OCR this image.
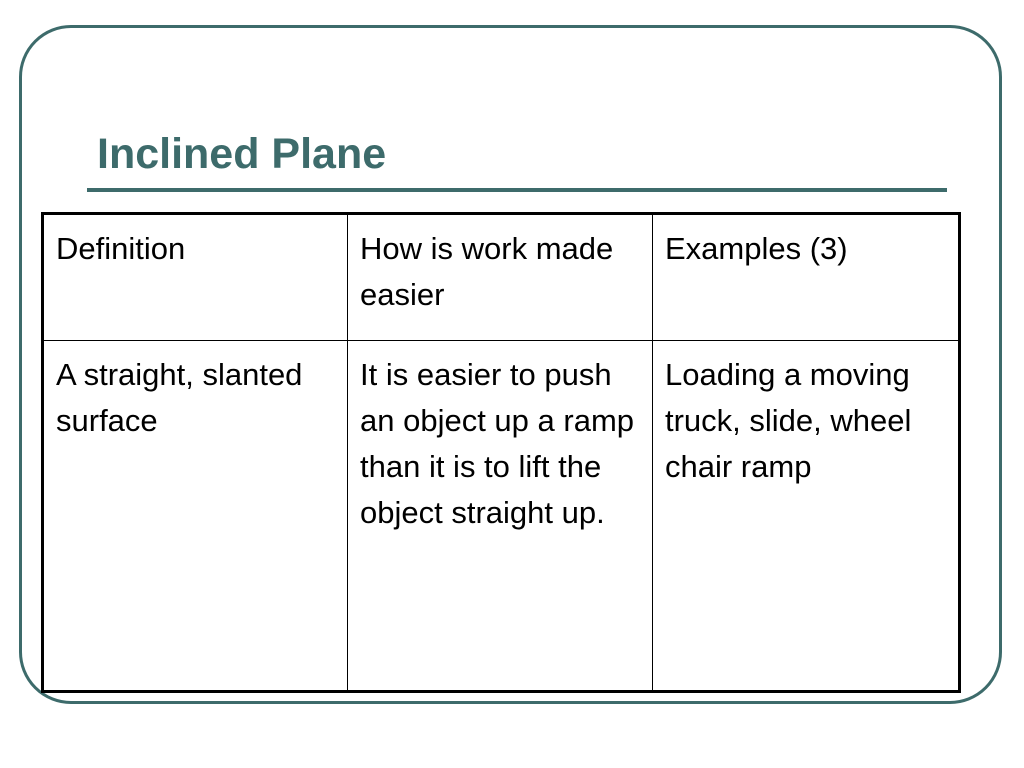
Inclined Plane
Definition	How is work made easier	Examples (3)
A straight, slanted surface	It is easier to push an object up a ramp than it is to lift the object straight up.	Loading a moving truck, slide, wheel chair ramp
